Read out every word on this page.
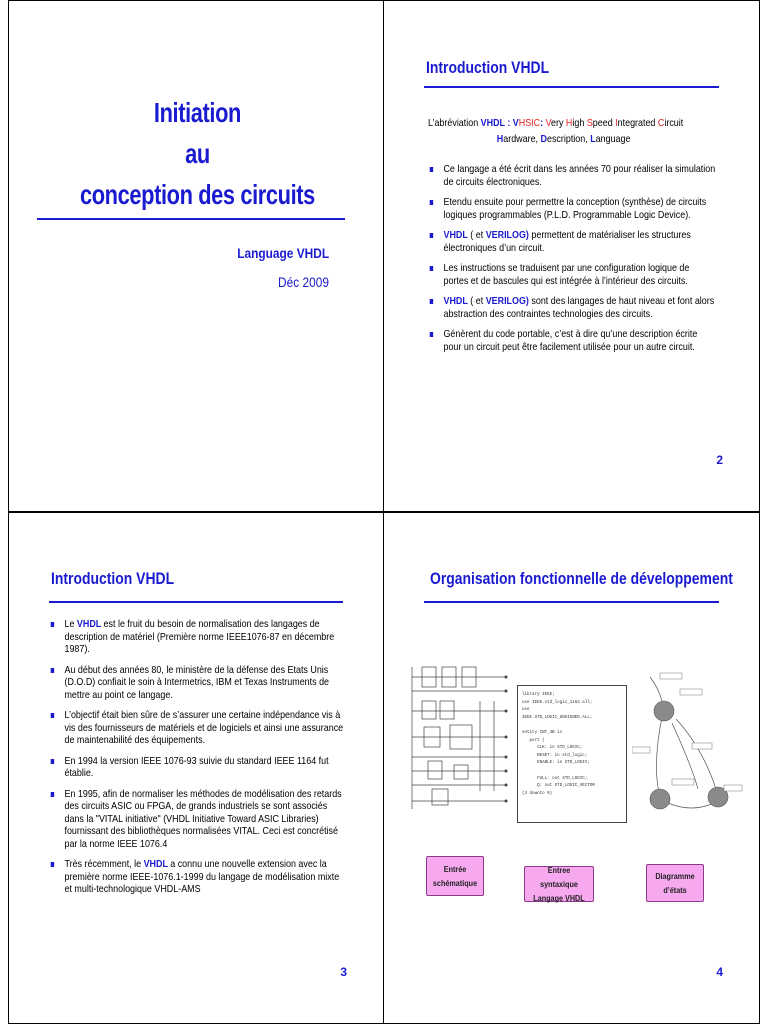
Initiation
au
conception des circuits
Language VHDL
Déc 2009
Introduction VHDL
L’abréviation VHDL : VHSIC: Very High Speed Integrated Circuit
Hardware, Description, Language
Ce langage a été écrit dans les années 70 pour réaliser la simulation de circuits électroniques.
Etendu ensuite pour permettre la conception (synthèse) de circuits logiques programmables (P.L.D. Programmable Logic Device).
VHDL ( et VERILOG) permettent de matérialiser les structures électroniques d’un circuit.
Les instructions se traduisent par une configuration logique de portes et de bascules qui est intégrée à l’intérieur des circuits.
VHDL ( et VERILOG) sont des langages de haut niveau et font alors abstraction des contraintes technologies des circuits.
Génèrent du code portable, c’est à dire qu’une description écrite pour un circuit peut être facilement utilisée pour un autre circuit.
2
Introduction VHDL
Le VHDL est le fruit du besoin de normalisation des langages de description de matériel (Première norme IEEE1076-87 en décembre 1987).
Au début des années 80, le ministère de la défense des Etats Unis (D.O.D) confiait le soin à Intermetrics, IBM et Texas Instruments de mettre au point ce langage.
L’objectif était bien sûre de s’assurer une certaine indépendance vis à vis des fournisseurs de matériels et de logiciels et ainsi une assurance de maintenabilité des équipements.
En 1994 la version IEEE 1076-93 suivie du standard IEEE 1164 fut établie.
En 1995, afin de normaliser les méthodes de modélisation des retards des circuits ASIC ou FPGA, de grands industriels se sont associés dans la "VITAL initiative" (VHDL Initiative Toward ASIC Libraries) fournissant des bibliothèques normalisées VITAL. Ceci est concrétisé par la norme IEEE 1076.4
Très récemment, le VHDL a connu une nouvelle extension avec la première norme IEEE-1076.1-1999 du langage de modélisation mixte et multi-technologique VHDL-AMS
3
Organisation fonctionnelle de développement
library IEEE;
use IEEE.std_logic_1164.all;
use
IEEE.STD_LOGIC_UNSIGNED.ALL;

entity CNT_4B is
port (
CLK: in STD_LOGIC;
RESET: in std_logic;
ENABLE: in STD_LOGIC;

FULL: out STD_LOGIC;
Q: out STD_LOGIC_VECTOR
(3 downto 0)
Entrée schématique
Entree syntaxique Langage VHDL
Diagramme d’états
4
